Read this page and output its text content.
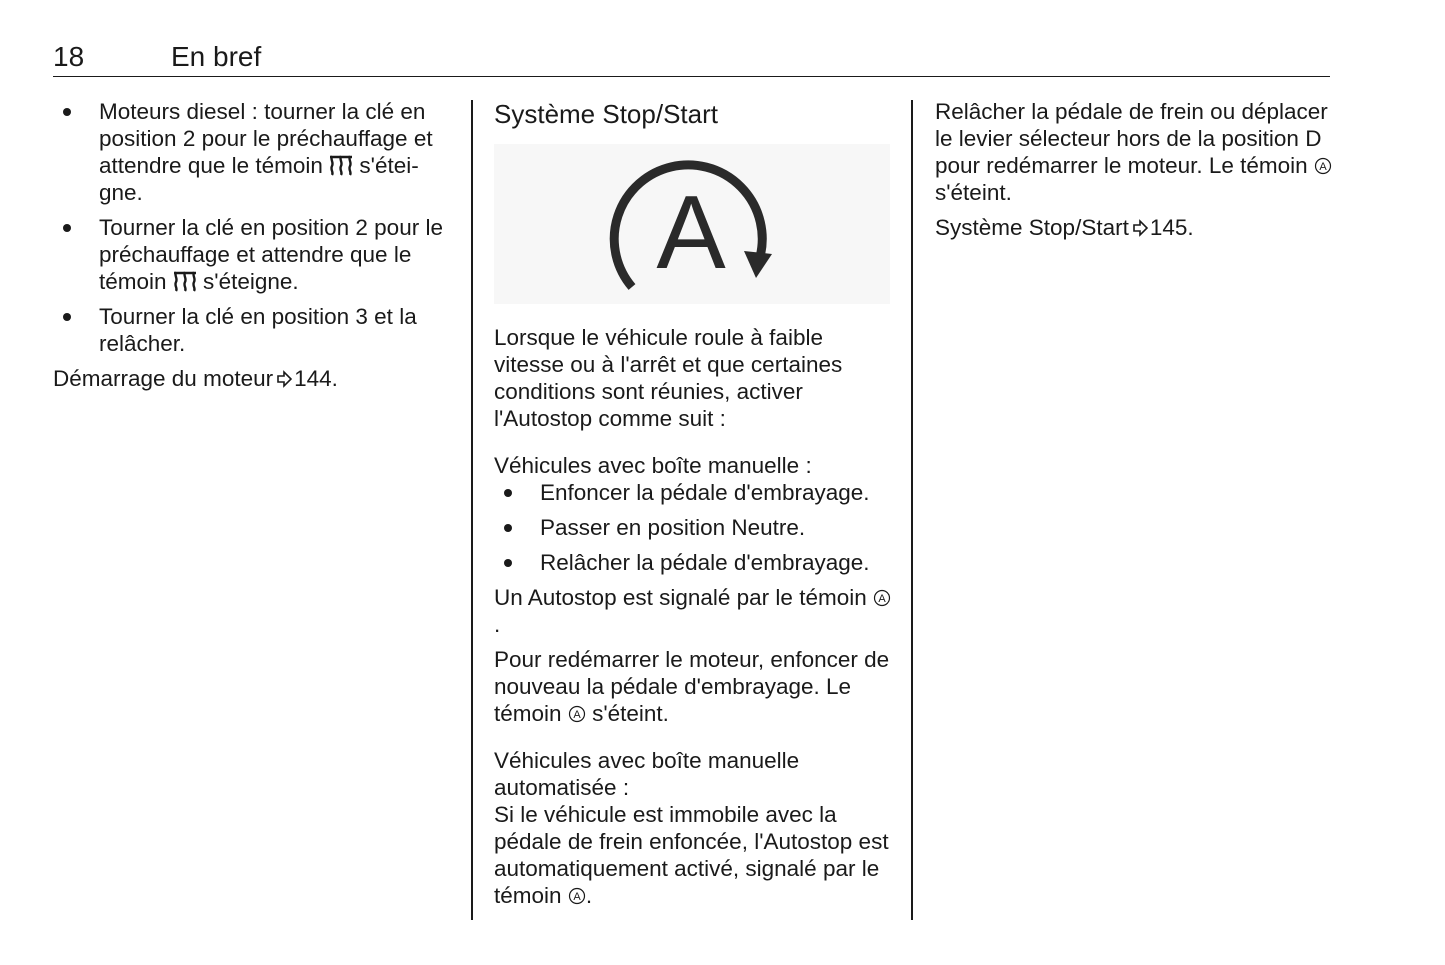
18	En bref
Moteurs diesel : tourner la clé en position 2 pour le préchauffage et attendre que le témoin  s'éteigne.
Tourner la clé en position 2 pour le préchauffage et attendre que le témoin  s'éteigne.
Tourner la clé en position 3 et la relâcher.

Démarrage du moteur 144.

Système Stop/Start
A

Lorsque le véhicule roule à faible vitesse ou à l'arrêt et que certaines conditions sont réunies, activer l'Autostop comme suit :

Véhicules avec boîte manuelle :

Enfoncer la pédale d'embrayage.
Passer en position Neutre.
Relâcher la pédale d'embrayage.

Un Autostop est signalé par le témoin A
.

Pour redémarrer le moteur, enfoncer de nouveau la pédale d'embrayage. Le témoin A s'éteint.

Véhicules avec boîte manuelle automatisée :

Si le véhicule est immobile avec la pédale de frein enfoncée, l'Autostop est automatiquement activé, signalé par le témoin A .

Relâcher la pédale de frein ou déplacer le levier sélecteur hors de la position D pour redémarrer le moteur. Le témoin A
s'éteint.

Système Stop/Start 145.
